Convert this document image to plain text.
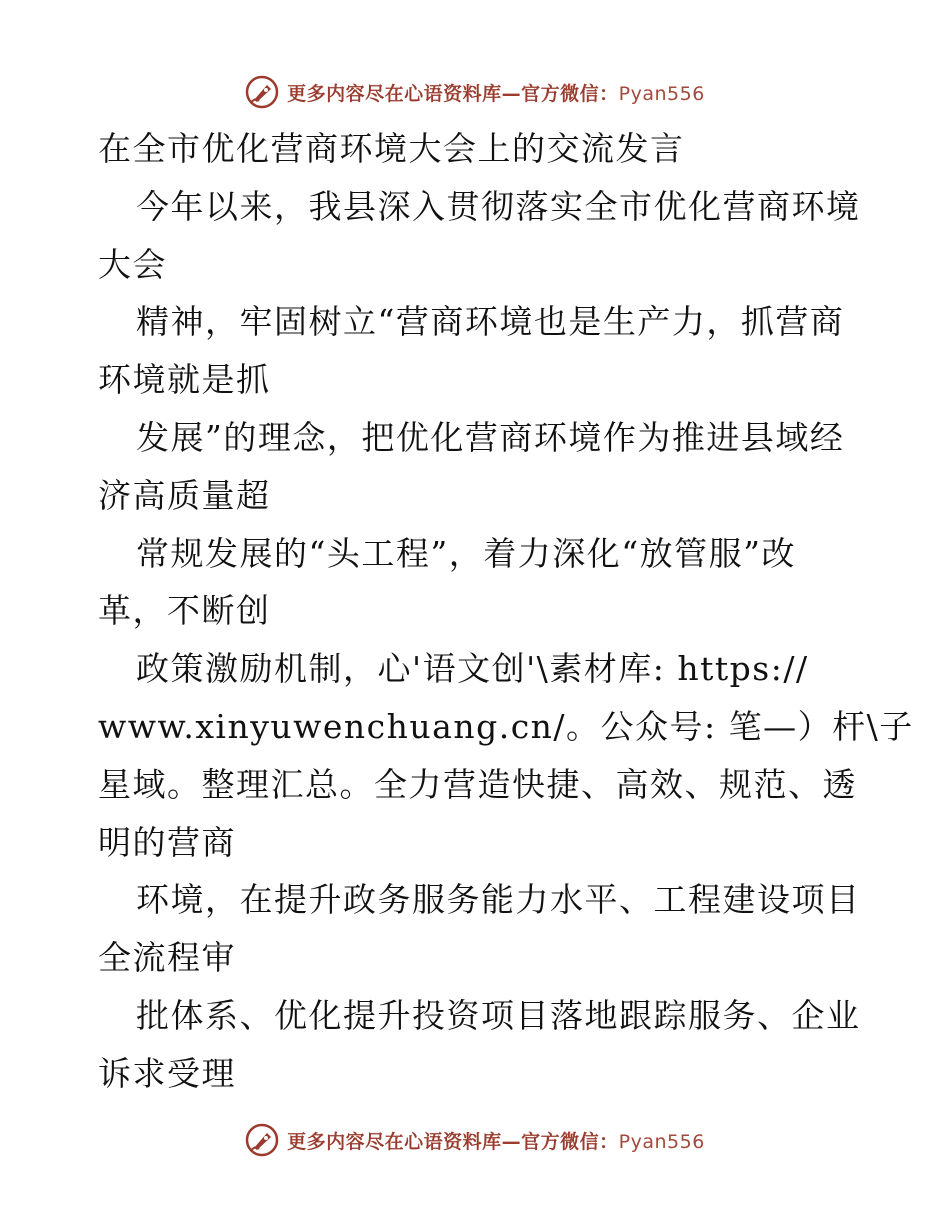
更多内容尽在心语资料库—官方微信：Pyan556
在全市优化营商环境大会上的交流发言
今年以来，我县深入贯彻落实全市优化营商环境
大会
精神，牢固树立“营商环境也是生产力，抓营商
环境就是抓
发展”的理念，把优化营商环境作为推进县域经
济高质量超
常规发展的“头工程”，着力深化“放管服”改
革，不断创
政策激励机制，心'语文创'\素材库: https://
www.xinyuwenchuang.cn/。公众号: 笔—）杆\子
星域。整理汇总。全力营造快捷、高效、规范、透
明的营商
环境，在提升政务服务能力水平、工程建设项目
全流程审
批体系、优化提升投资项目落地跟踪服务、企业
诉求受理
更多内容尽在心语资料库—官方微信：Pyan556
